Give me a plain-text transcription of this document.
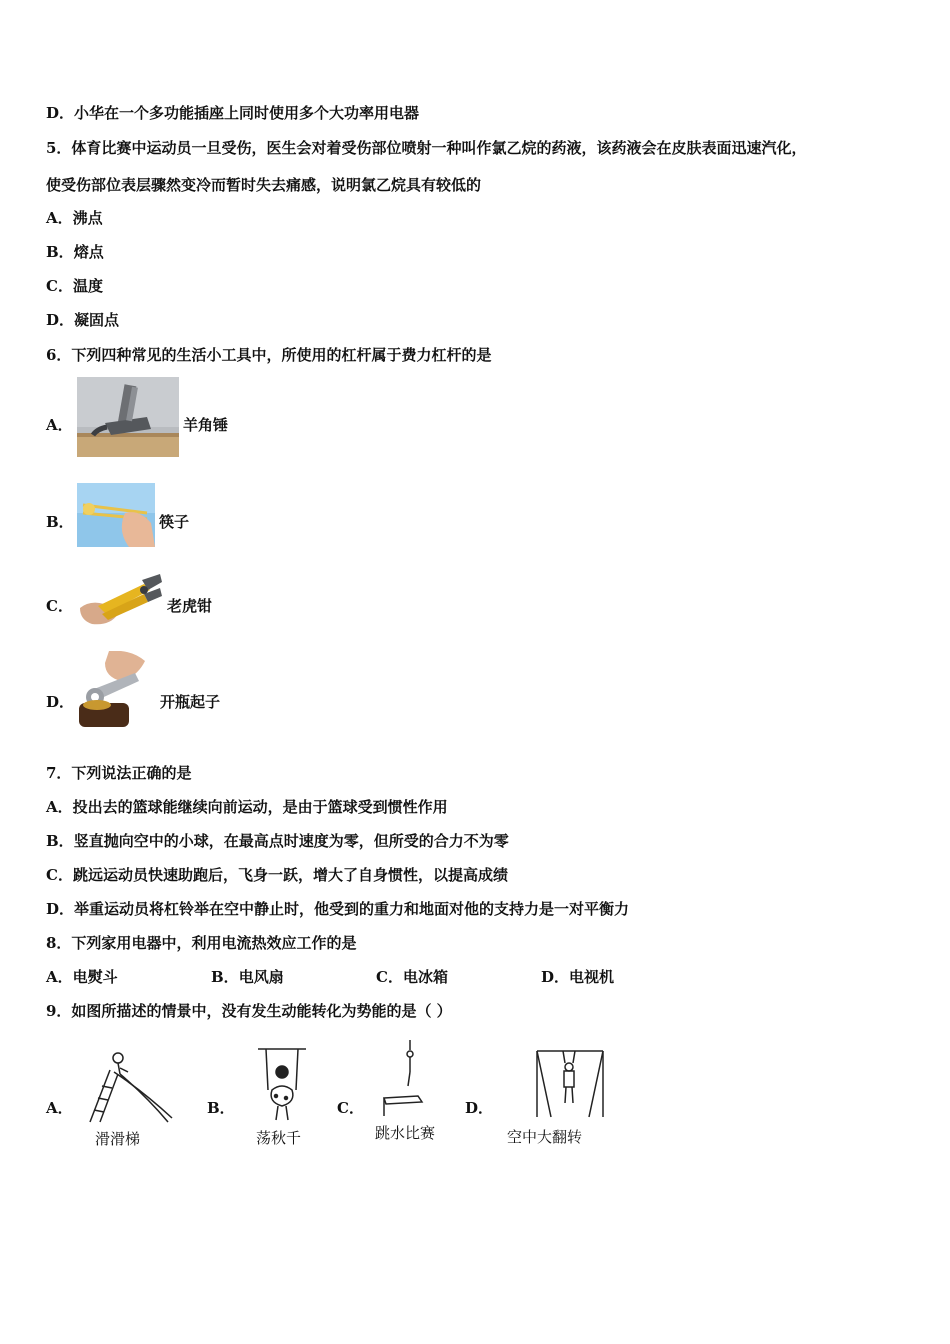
D．小华在一个多功能插座上同时使用多个大功率用电器
5．体育比赛中运动员一旦受伤，医生会对着受伤部位喷射一种叫作氯乙烷的药液，该药液会在皮肤表面迅速汽化，
使受伤部位表层骤然变冷而暂时失去痛感，说明氯乙烷具有较低的
A．沸点
B．熔点
C．温度
D．凝固点
6．下列四种常见的生活小工具中，所使用的杠杆属于费力杠杆的是
A．	羊角锤
B．	筷子
C．	老虎钳
D．	开瓶起子
7．下列说法正确的是
A．投出去的篮球能继续向前运动，是由于篮球受到惯性作用
B．竖直抛向空中的小球，在最高点时速度为零，但所受的合力不为零
C．跳远运动员快速助跑后，飞身一跃，增大了自身惯性，以提高成绩
D．举重运动员将杠铃举在空中静止时，他受到的重力和地面对他的支持力是一对平衡力
8．下列家用电器中，利用电流热效应工作的是
A．电熨斗	B．电风扇	C．电冰箱	D．电视机
9．如图所描述的情景中，没有发生动能转化为势能的是（ ）
A．
滑滑梯
B．
荡秋千
C．
跳水比赛
D．
空中大翻转
